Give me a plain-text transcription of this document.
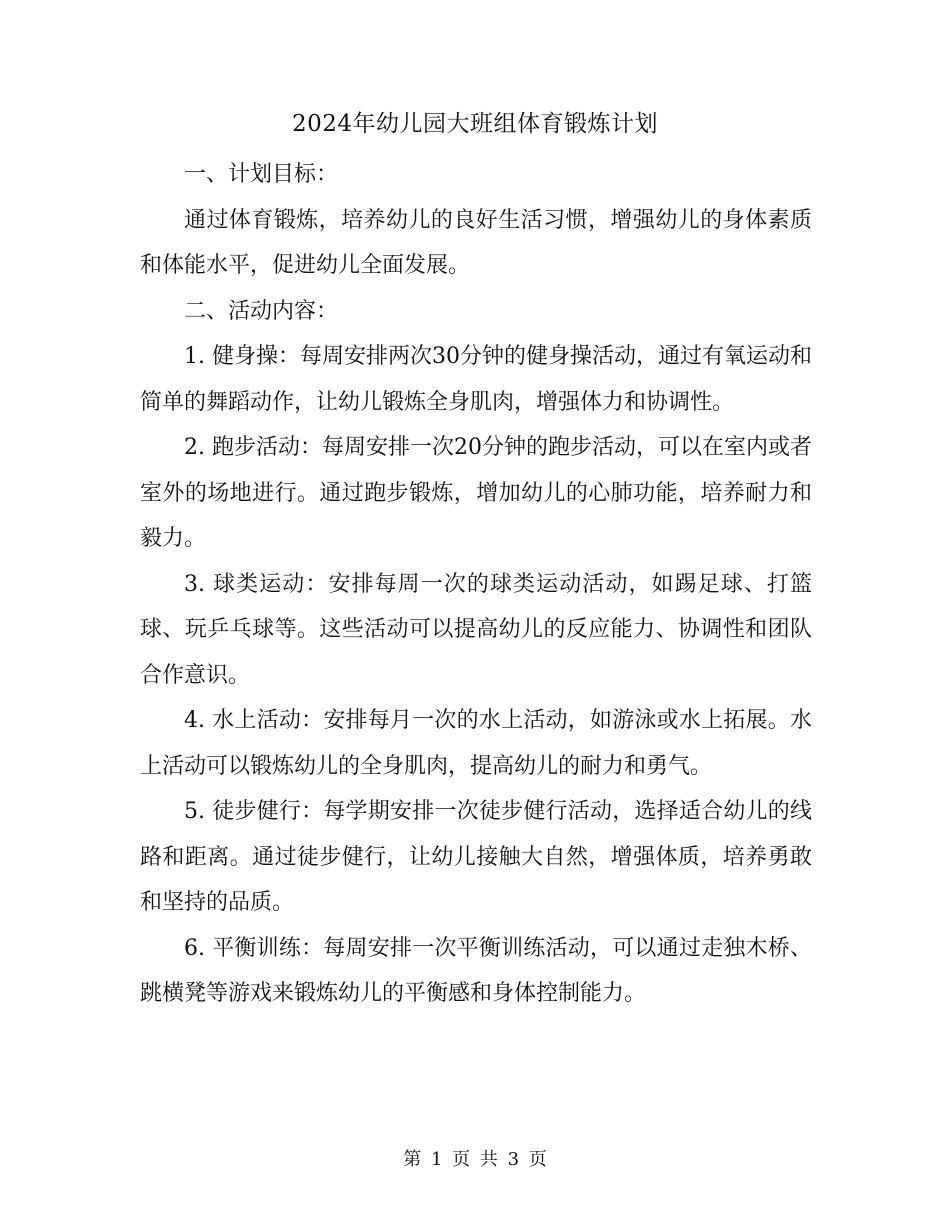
2024年幼儿园大班组体育锻炼计划

一、计划目标：

通过体育锻炼，培养幼儿的良好生活习惯，增强幼儿的身体素质和体能水平，促进幼儿全面发展。

二、活动内容：

1. 健身操：每周安排两次30分钟的健身操活动，通过有氧运动和简单的舞蹈动作，让幼儿锻炼全身肌肉，增强体力和协调性。

2. 跑步活动：每周安排一次20分钟的跑步活动，可以在室内或者室外的场地进行。通过跑步锻炼，增加幼儿的心肺功能，培养耐力和毅力。

3. 球类运动：安排每周一次的球类运动活动，如踢足球、打篮球、玩乒乓球等。这些活动可以提高幼儿的反应能力、协调性和团队合作意识。

4. 水上活动：安排每月一次的水上活动，如游泳或水上拓展。水上活动可以锻炼幼儿的全身肌肉，提高幼儿的耐力和勇气。

5. 徒步健行：每学期安排一次徒步健行活动，选择适合幼儿的线路和距离。通过徒步健行，让幼儿接触大自然，增强体质，培养勇敢和坚持的品质。

6. 平衡训练：每周安排一次平衡训练活动，可以通过走独木桥、跳横凳等游戏来锻炼幼儿的平衡感和身体控制能力。

第 1 页 共 3 页
